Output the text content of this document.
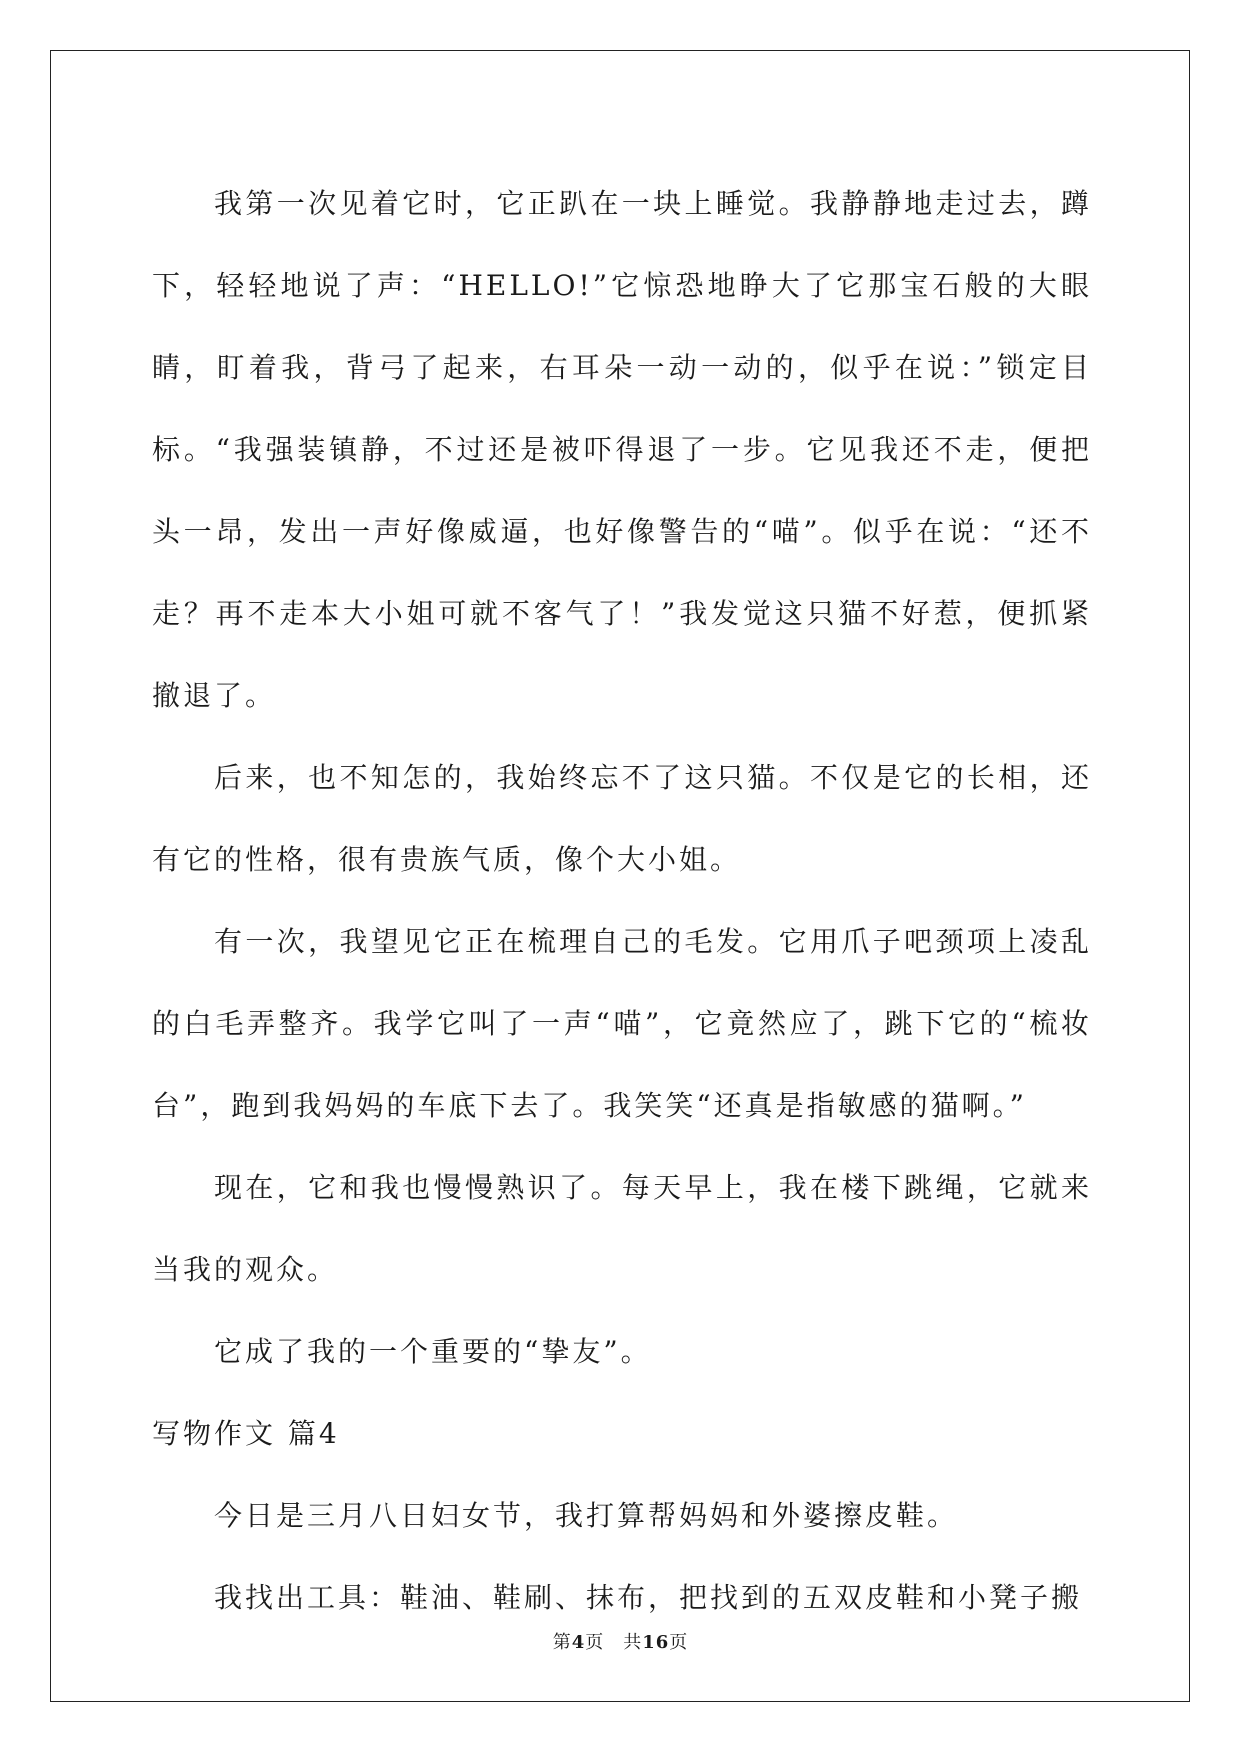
我第一次见着它时，它正趴在一块上睡觉。我静静地走过去，蹲下，轻轻地说了声：“HELLO!”它惊恐地睁大了它那宝石般的大眼睛，盯着我，背弓了起来，右耳朵一动一动的，似乎在说：”锁定目标。“我强装镇静，不过还是被吓得退了一步。它见我还不走，便把头一昂，发出一声好像威逼，也好像警告的“喵”。似乎在说：“还不走？再不走本大小姐可就不客气了！”我发觉这只猫不好惹，便抓紧撤退了。

后来，也不知怎的，我始终忘不了这只猫。不仅是它的长相，还有它的性格，很有贵族气质，像个大小姐。

有一次，我望见它正在梳理自己的毛发。它用爪子吧颈项上凌乱的白毛弄整齐。我学它叫了一声“喵”，它竟然应了，跳下它的“梳妆台”，跑到我妈妈的车底下去了。我笑笑“还真是指敏感的猫啊。”

现在，它和我也慢慢熟识了。每天早上，我在楼下跳绳，它就来当我的观众。

它成了我的一个重要的“挚友”。

写物作文 篇4

今日是三月八日妇女节，我打算帮妈妈和外婆擦皮鞋。

我找出工具：鞋油、鞋刷、抹布，把找到的五双皮鞋和小凳子搬

第4页　共16页
